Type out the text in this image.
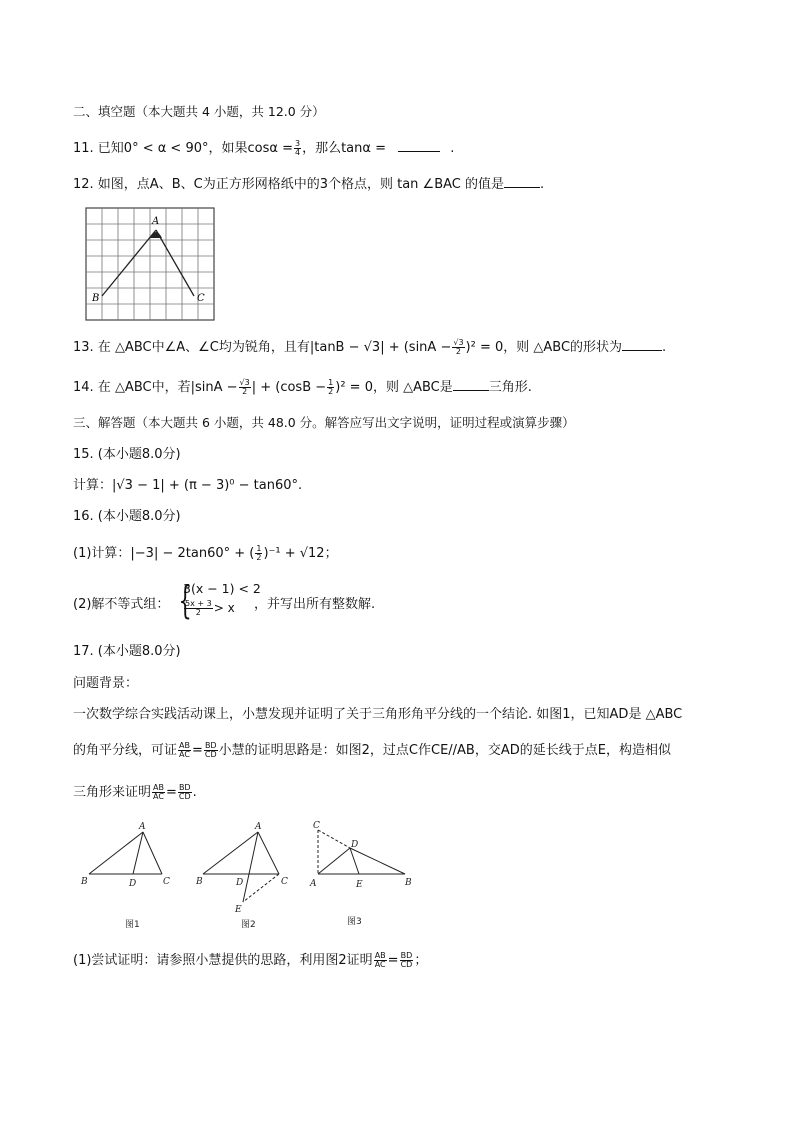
二、填空题（本大题共 4 小题，共 12.0 分）
11. 已知0° < α < 90°，如果$\cos\alpha = \frac{3}{4}$ ，那么tanα =	.
12. 如图，点A、B、C为正方形网格纸中的3个格点，则 tan ∠BAC 的值是	.
A
B	C
13. 在 △ABC中∠A、∠C均为锐角，且有$|\tan B - √3| + (\sin A - \frac{√3}{2} )^2 = 0$，则 △ABC的形状为	.
14. 在 △ABC中，若$|\sin A - \frac{√3}{2}$ | + $(\cos B - \frac{1}{2} )^2 = 0$，则 △ABC是	三角形.
三、解答题（本大题共 6 小题，共 48.0 分。解答应写出文字说明，证明过程或演算步骤）
15. (本小题8.0分)
计算：|√3 − 1| + (π − 3)⁰ − tan60°.
16. (本小题8.0分)
(1)计算：|−3| − 2tan60° + ( $\frac{1}{2} )^{-1} + √12$；
(2)解不等式组： {
3(x − 1) < 2
$\frac{5x + 3}{2} > x$ ，并写出所有整数解.
17. (本小题8.0分)
问题背景：
一次数学综合实践活动课上，小慧发现并证明了关于三角形角平分线的一个结论. 如图1，已知AD是 △ABC
的角平分线，可证 $\frac{AB}{AC} = \frac{BD}{CD}$ 小慧的证明思路是：如图2，过点C作CE//AB，交AD的延长线于点E，构造相似
三角形来证明 $\frac{AB}{AC} = \frac{BD}{CD}$ .
A
B	D	C
A
B	D	C
E
C
D
A	E	B
图1	图2	图3
(1)尝试证明：请参照小慧提供的思路，利用图2证明 $\frac{AB}{AC} = \frac{BD}{CD}$ ；
